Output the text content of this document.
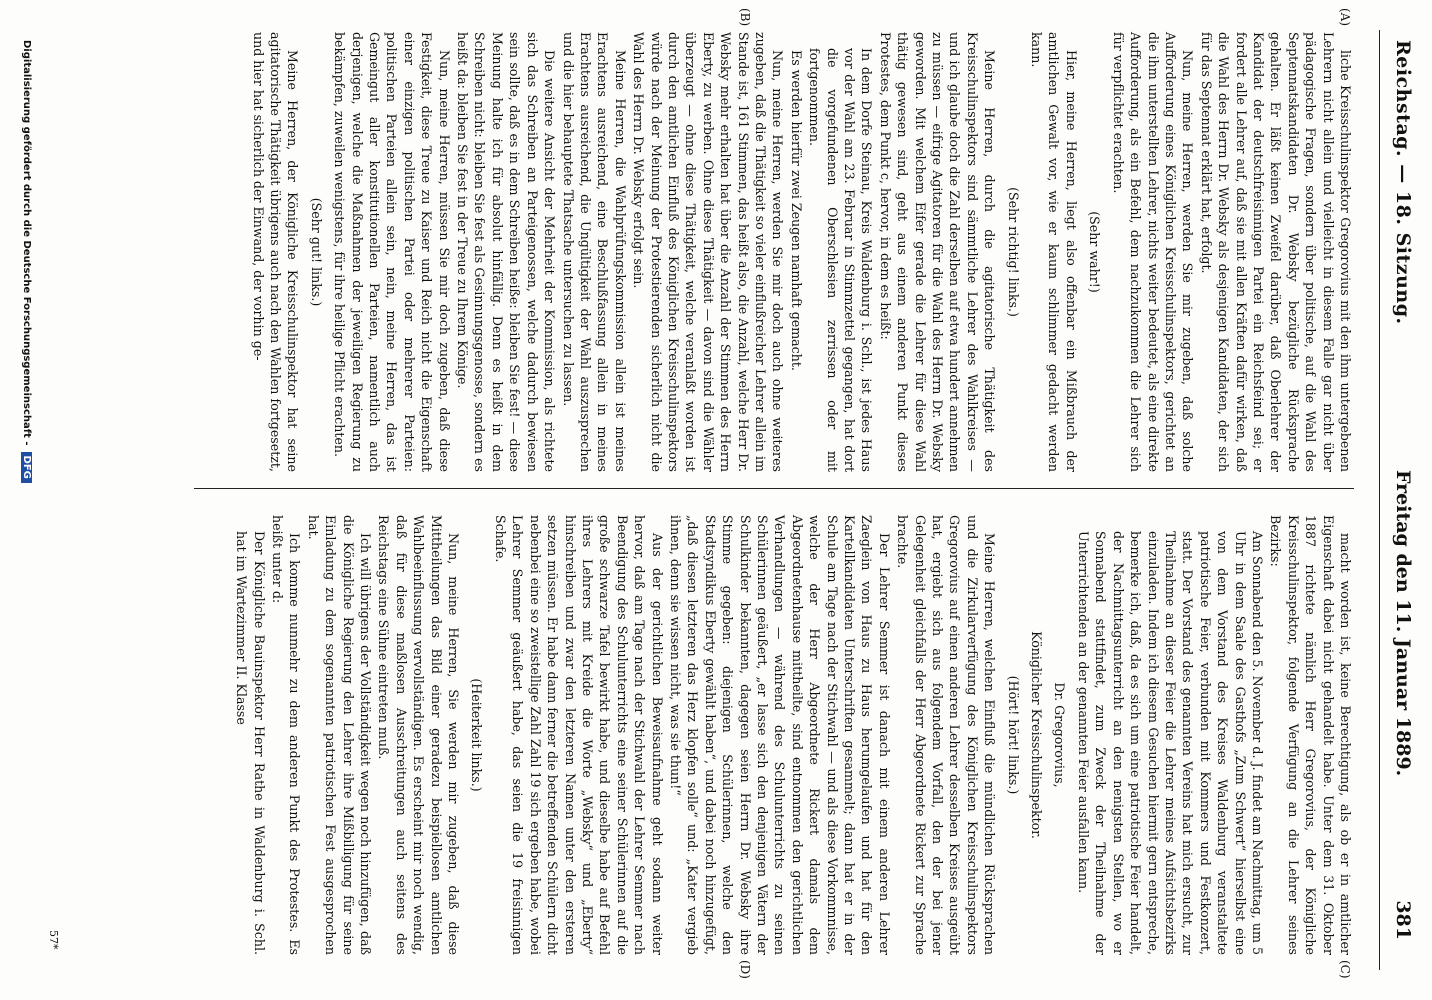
Reichstag. — 18. Sitzung.
Freitag den 11. Januar 1889.
381
(A)
(B)
(C)
(D)

liche Kreisschulinspektor Gregorovius mit den ihm untergebenen Lehrern nicht allein und vielleicht in diesem Falle gar nicht über pädagogische Fragen, sondern über politische, auf die Wahl des Septennatskandidaten Dr. Websky bezügliche Rücksprache gehalten. Er läßt keinen Zweifel darüber, daß Oberlehrer der Kandidat der deutschfreisinnigen Partei ein Reichsfeind sei; er fordert alle Lehrer auf, daß sie mit allen Kräften dafür wirken, daß die Wahl des Herrn Dr. Websky als desjenigen Kandidaten, der sich für das Septennat erklärt hat, erfolgt.

Nun, meine Herren, werden Sie mir zugeben, daß solche Aufforderung eines Königlichen Kreisschulinspektors, gerichtet an die ihm unterstellten Lehrer, nichts weiter bedeutet, als eine direkte Aufforderung, als ein Befehl, dem nachzukommen die Lehrer sich für verpflichtet erachten.

(Sehr wahr!)

Hier, meine Herren, liegt also offenbar ein Mißbrauch der amtlichen Gewalt vor, wie er kaum schlimmer gedacht werden kann.

(Sehr richtig! links.)

Meine Herren, durch die agitatorische Thätigkeit des Kreisschulinspektors sind sämmtliche Lehrer des Wahlkreises — und ich glaube doch die Zahl derselben auf etwa hundert annehmen zu müssen — eifrige Agitatoren für die Wahl des Herrn Dr. Websky geworden. Mit welchem Eifer gerade die Lehrer für diese Wahl thätig gewesen sind, geht aus einem anderen Punkt dieses Protestes, dem Punkt c, hervor, in dem es heißt:

In dem Dorfe Steinau, Kreis Waldenburg i. Schl., ist jedes Haus vor der Wahl am 23. Februar in Stimmzettel gegangen, hat dort die vorgefundenen Oberschlesien zerrissen oder mit fortgenommen.

Es werden hierfür zwei Zeugen namhaft gemacht.

Nun, meine Herren, werden Sie mir doch auch ohne weiteres zugeben, daß die Thätigkeit so vieler einflußreicher Lehrer allein im Stande ist, 161 Stimmen, das heißt also, die Anzahl, welche Herr Dr. Websky mehr erhalten hat über die Anzahl der Stimmen des Herrn Eberty, zu werben. Ohne diese Thätigkeit — davon sind die Wähler überzeugt — ohne diese Thätigkeit, welche veranlaßt worden ist durch den amtlichen Einfluß des Königlichen Kreisschulinspektors würde nach der Meinung der Protestierenden sicherlich nicht die Wahl des Herrn Dr. Websky erfolgt sein.

Meine Herren, die Wahlprüfungskommission allein ist meines Erachtens ausreichend, eine Beschlußfassung allein in meines Erachtens ausreichend, die Ungültigkeit der Wahl auszusprechen und die hier behauptete Thatsache untersuchen zu lassen.

Die weitere Ansicht der Mehrheit der Kommission, als richtete sich das Schreiben an Parteigenossen, welche dadurch bewiesen sein sollte, daß es in dem Schreiben heiße: bleiben Sie fest! — diese Meinung halte ich für absolut hinfällig. Denn es heißt in dem Schreiben nicht: bleiben Sie fest als Gesinnungsgenosse, sondern es heißt da: bleiben Sie fest in der Treue zu Ihrem Könige.

Nun, meine Herren, müssen Sie mir doch zugeben, daß diese Festigkeit, diese Treue zu Kaiser und Reich nicht die Eigenschaft einer einzigen politischen Partei oder mehrerer Parteien: politischen Parteien allein sein, nein, meine Herren, das ist Gemeingut aller konstitutionellen Parteien, namentlich auch derjenigen, welche die Maßnahmen der jeweiligen Regierung zu bekämpfen, zuweilen wenigstens, für ihre heilige Pflicht erachten.

(Sehr gut! links.)

Meine Herren, der Königliche Kreisschulinspektor hat seine agitatorische Thätigkeit übrigens auch nach den Wahlen fortgesetzt, und hier hat sicherlich der Einwand, der vorhin ge-

macht worden ist, keine Berechtigung, als ob er in amtlicher Eigenschaft dabei nicht gehandelt habe. Unter dem 31. Oktober 1887 richtete nämlich Herr Gregorovius, der Königliche Kreisschulinspektor, folgende Verfügung an die Lehrer seines Bezirks:

Am Sonnabend den 5. November d. J. findet am Nachmittag, um 5 Uhr in dem Saale des Gasthofs „Zum Schwert“ hierselbst eine von dem Vorstand des Kreises Waldenburg veranstaltete patriotische Feier, verbunden mit Kommers und Festkonzert, statt. Der Vorstand des genannten Vereins hat mich ersucht, zur Theilnahme an dieser Feier die Lehrer meines Aufsichtsbezirks einzuladen. Indem ich diesem Gesuchen hiermit gern entspreche, bemerke ich, daß, da es sich um eine patriotische Feier handelt, der Nachmittagsunterricht an den nenigsten Stellen, wo er Sonnabend stattfindet, zum Zweck der Theilnahme der Unterrichtenden an der genannten Feier ausfallen kann.

Dr. Gregorovius,

Königlicher Kreisschulinspektor.

(Hört! hört! links.)

Meine Herren, welchen Einfluß die mündlichen Rücksprachen und die Zirkularverfügung des Königlichen Kreisschulinspektors Gregorovius auf einen anderen Lehrer desselben Kreises ausgeübt hat, ergiebt sich aus folgendem Vorfall, den der bei jener Gelegenheit gleichfalls der Herr Abgeordnete Rickert zur Sprache brachte.

Der Lehrer Semmer ist danach mit einem anderen Lehrer Zaeglein von Haus zu Haus herumgelaufen und hat für den Kartellkandidaten Unterschriften gesammelt; dann hat er in der Schule am Tage nach der Stichwahl — und als diese Vorkommnisse, welche der Herr Abgeordnete Rickert damals dem Abgeordnetenhause mittheilte, sind entnommen den gerichtlichen Verhandlungen — während des Schulunterrichts zu seinen Schülerinnen geäußert, „er lasse sich den denjenigen Vätern der Schulkinder bekannten, dagegen seien Herrn Dr. Websky ihre Stimme gegeben: diejenigen Schülerinnen, welche den Stadtsyndikus Eberty gewählt haben“, und dabei noch hinzugefügt, „daß diesen letzteren das Herz klopfen solle“ und: „Kater vergieb ihnen, denn sie wissen nicht, was sie thun!“

Aus der gerichtlichen Beweisaufnahme geht sodann weiter hervor, daß am Tage nach der Stichwahl der Lehrer Semmer nach Beendigung des Schulunterrichts eine seiner Schülerinnen auf die große schwarze Tafel bewirkt habe, und dieselbe habe auf Befehl ihres Lehrers mit Kreide die Worte „Websky“ und „Eberty“ hinschreiben und zwar den letzteren Namen unter den ersteren setzen müssen. Er habe dann ferner die betreffenden Schülern dicht nebenbei eine so zweistellige Zahl Zahl 19 sich ergeben habe, wobei Lehrer Semmer geäußert habe, das seien die 19 freisinnigen Schafe.

(Heiterkeit links.)

Nun, meine Herren, Sie werden mir zugeben, daß diese Mittheilungen das Bild einer geradezu beispiellosen amtlichen Wahlbeeinflussung vervollständigen. Es erscheint mir noch wendig, daß für diese maßlosen Ausschreitungen auch seitens des Reichstags eine Sühne eintreten muß.

Ich will übrigens der Vollständigkeit wegen noch hinzufügen, daß die Königliche Regierung den Lehrer ihre Mißbilligung für seine Einladung zu dem sogenannten patriotischen Fest ausgesprochen hat.

Ich komme nunmehr zu dem anderen Punkt des Protestes. Es heißt unter d:

Der Königliche Bauinspektor Herr Rathe in Waldenburg i. Schl. hat im Wartezimmer II. Klasse

57*
Digitalisierung gefördert durch die Deutsche Forschungsgemeinschaft -DFG
